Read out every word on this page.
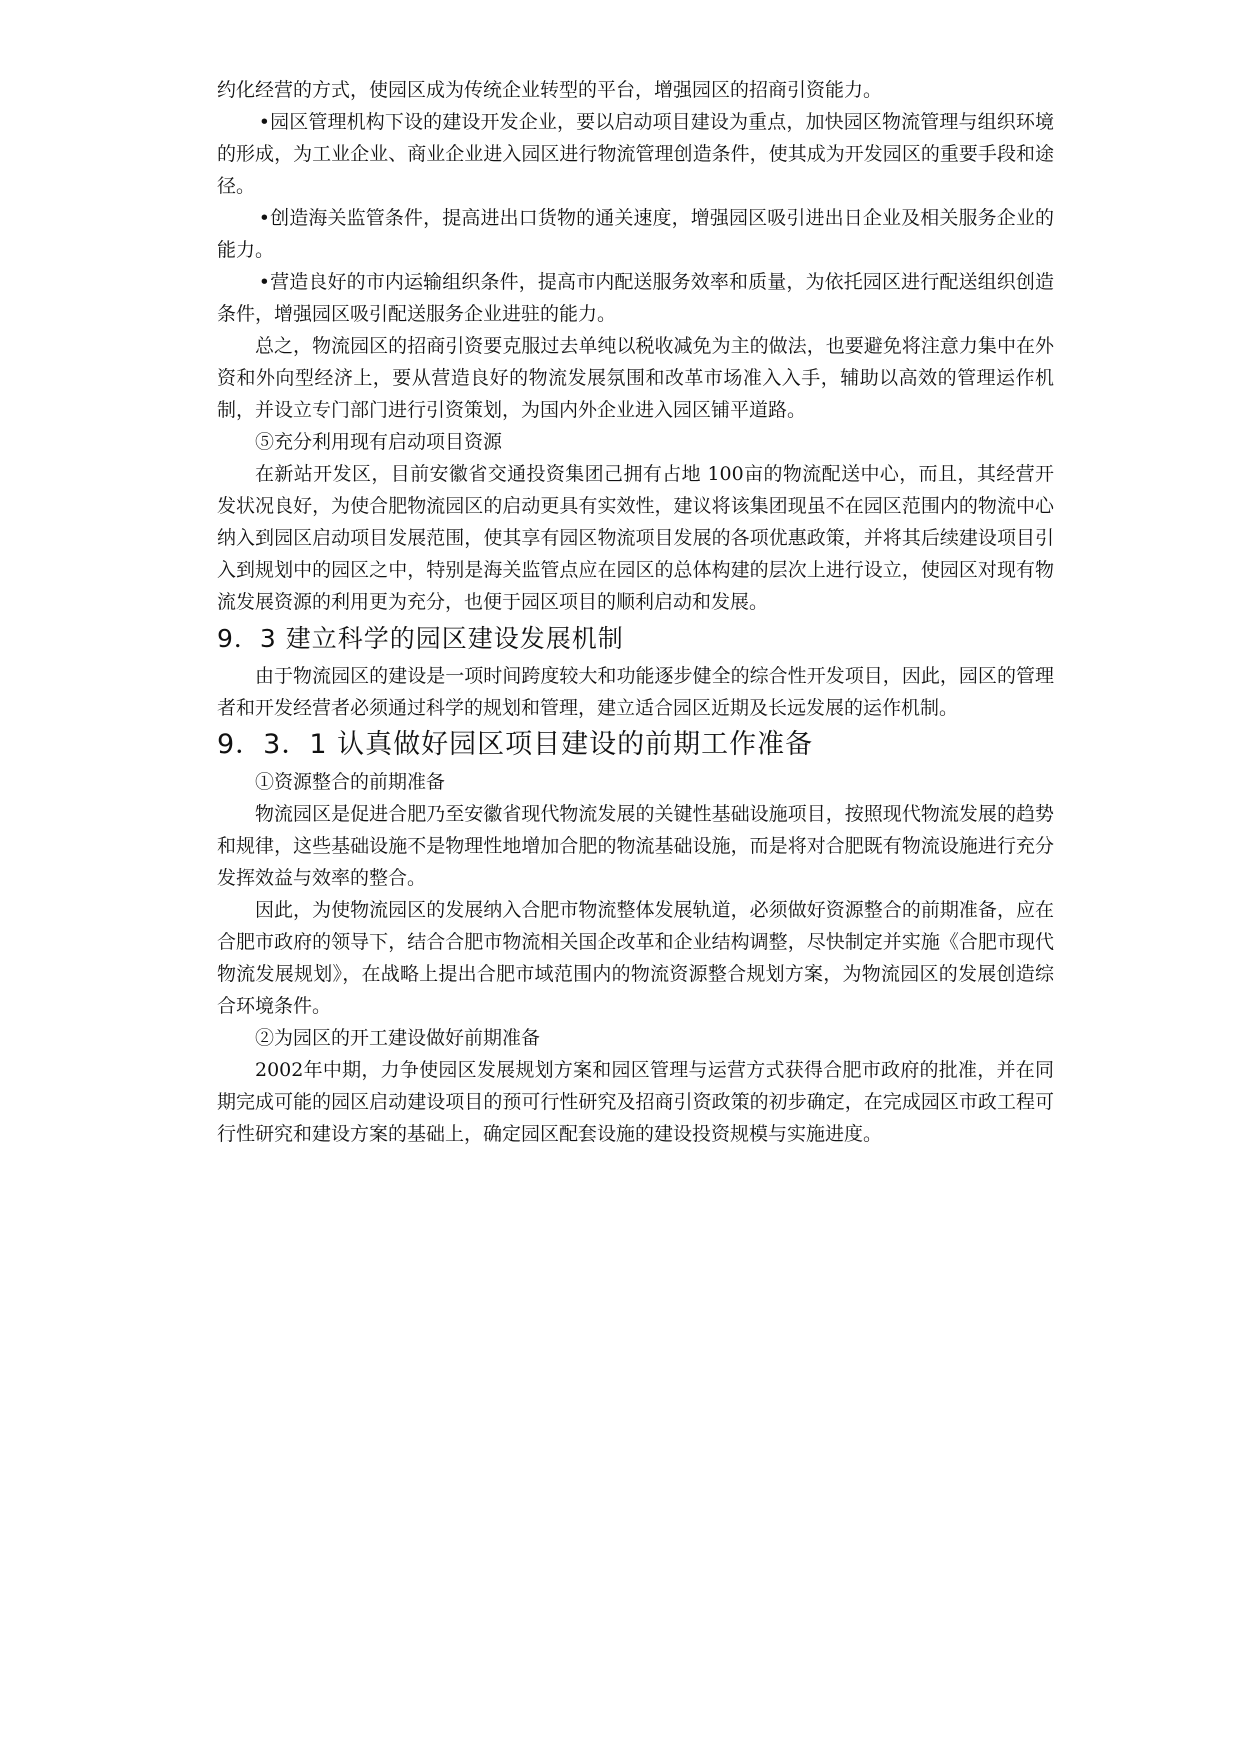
约化经营的方式，使园区成为传统企业转型的平台，增强园区的招商引资能力。

•园区管理机构下设的建设开发企业，要以启动项目建设为重点，加快园区物流管理与组织环境的形成，为工业企业、商业企业进入园区进行物流管理创造条件，使其成为开发园区的重要手段和途径。

•创造海关监管条件，提高进出口货物的通关速度，增强园区吸引进出日企业及相关服务企业的能力。

•营造良好的市内运输组织条件，提高市内配送服务效率和质量，为依托园区进行配送组织创造条件，增强园区吸引配送服务企业进驻的能力。

总之，物流园区的招商引资要克服过去单纯以税收减免为主的做法，也要避免将注意力集中在外资和外向型经济上，要从营造良好的物流发展氛围和改革市场准入入手，辅助以高效的管理运作机制，并设立专门部门进行引资策划，为国内外企业进入园区铺平道路。

⑤充分利用现有启动项目资源

在新站开发区，目前安徽省交通投资集团己拥有占地 100亩的物流配送中心，而且，其经营开发状况良好，为使合肥物流园区的启动更具有实效性，建议将该集团现虽不在园区范围内的物流中心纳入到园区启动项目发展范围，使其享有园区物流项目发展的各项优惠政策，并将其后续建设项目引入到规划中的园区之中，特别是海关监管点应在园区的总体构建的层次上进行设立，使园区对现有物流发展资源的利用更为充分，也便于园区项目的顺利启动和发展。

9．3 建立科学的园区建设发展机制

由于物流园区的建设是一项时间跨度较大和功能逐步健全的综合性开发项目，因此，园区的管理者和开发经营者必须通过科学的规划和管理，建立适合园区近期及长远发展的运作机制。

9．3．1 认真做好园区项目建设的前期工作准备

①资源整合的前期准备

物流园区是促进合肥乃至安徽省现代物流发展的关键性基础设施项目，按照现代物流发展的趋势和规律，这些基础设施不是物理性地增加合肥的物流基础设施，而是将对合肥既有物流设施进行充分发挥效益与效率的整合。

因此，为使物流园区的发展纳入合肥市物流整体发展轨道，必须做好资源整合的前期准备，应在合肥市政府的领导下，结合合肥市物流相关国企改革和企业结构调整，尽快制定并实施《合肥市现代物流发展规划》，在战略上提出合肥市域范围内的物流资源整合规划方案，为物流园区的发展创造综合环境条件。

②为园区的开工建设做好前期准备

2002年中期，力争使园区发展规划方案和园区管理与运营方式获得合肥市政府的批准，并在同期完成可能的园区启动建设项目的预可行性研究及招商引资政策的初步确定，在完成园区市政工程可行性研究和建设方案的基础上，确定园区配套设施的建设投资规模与实施进度。
